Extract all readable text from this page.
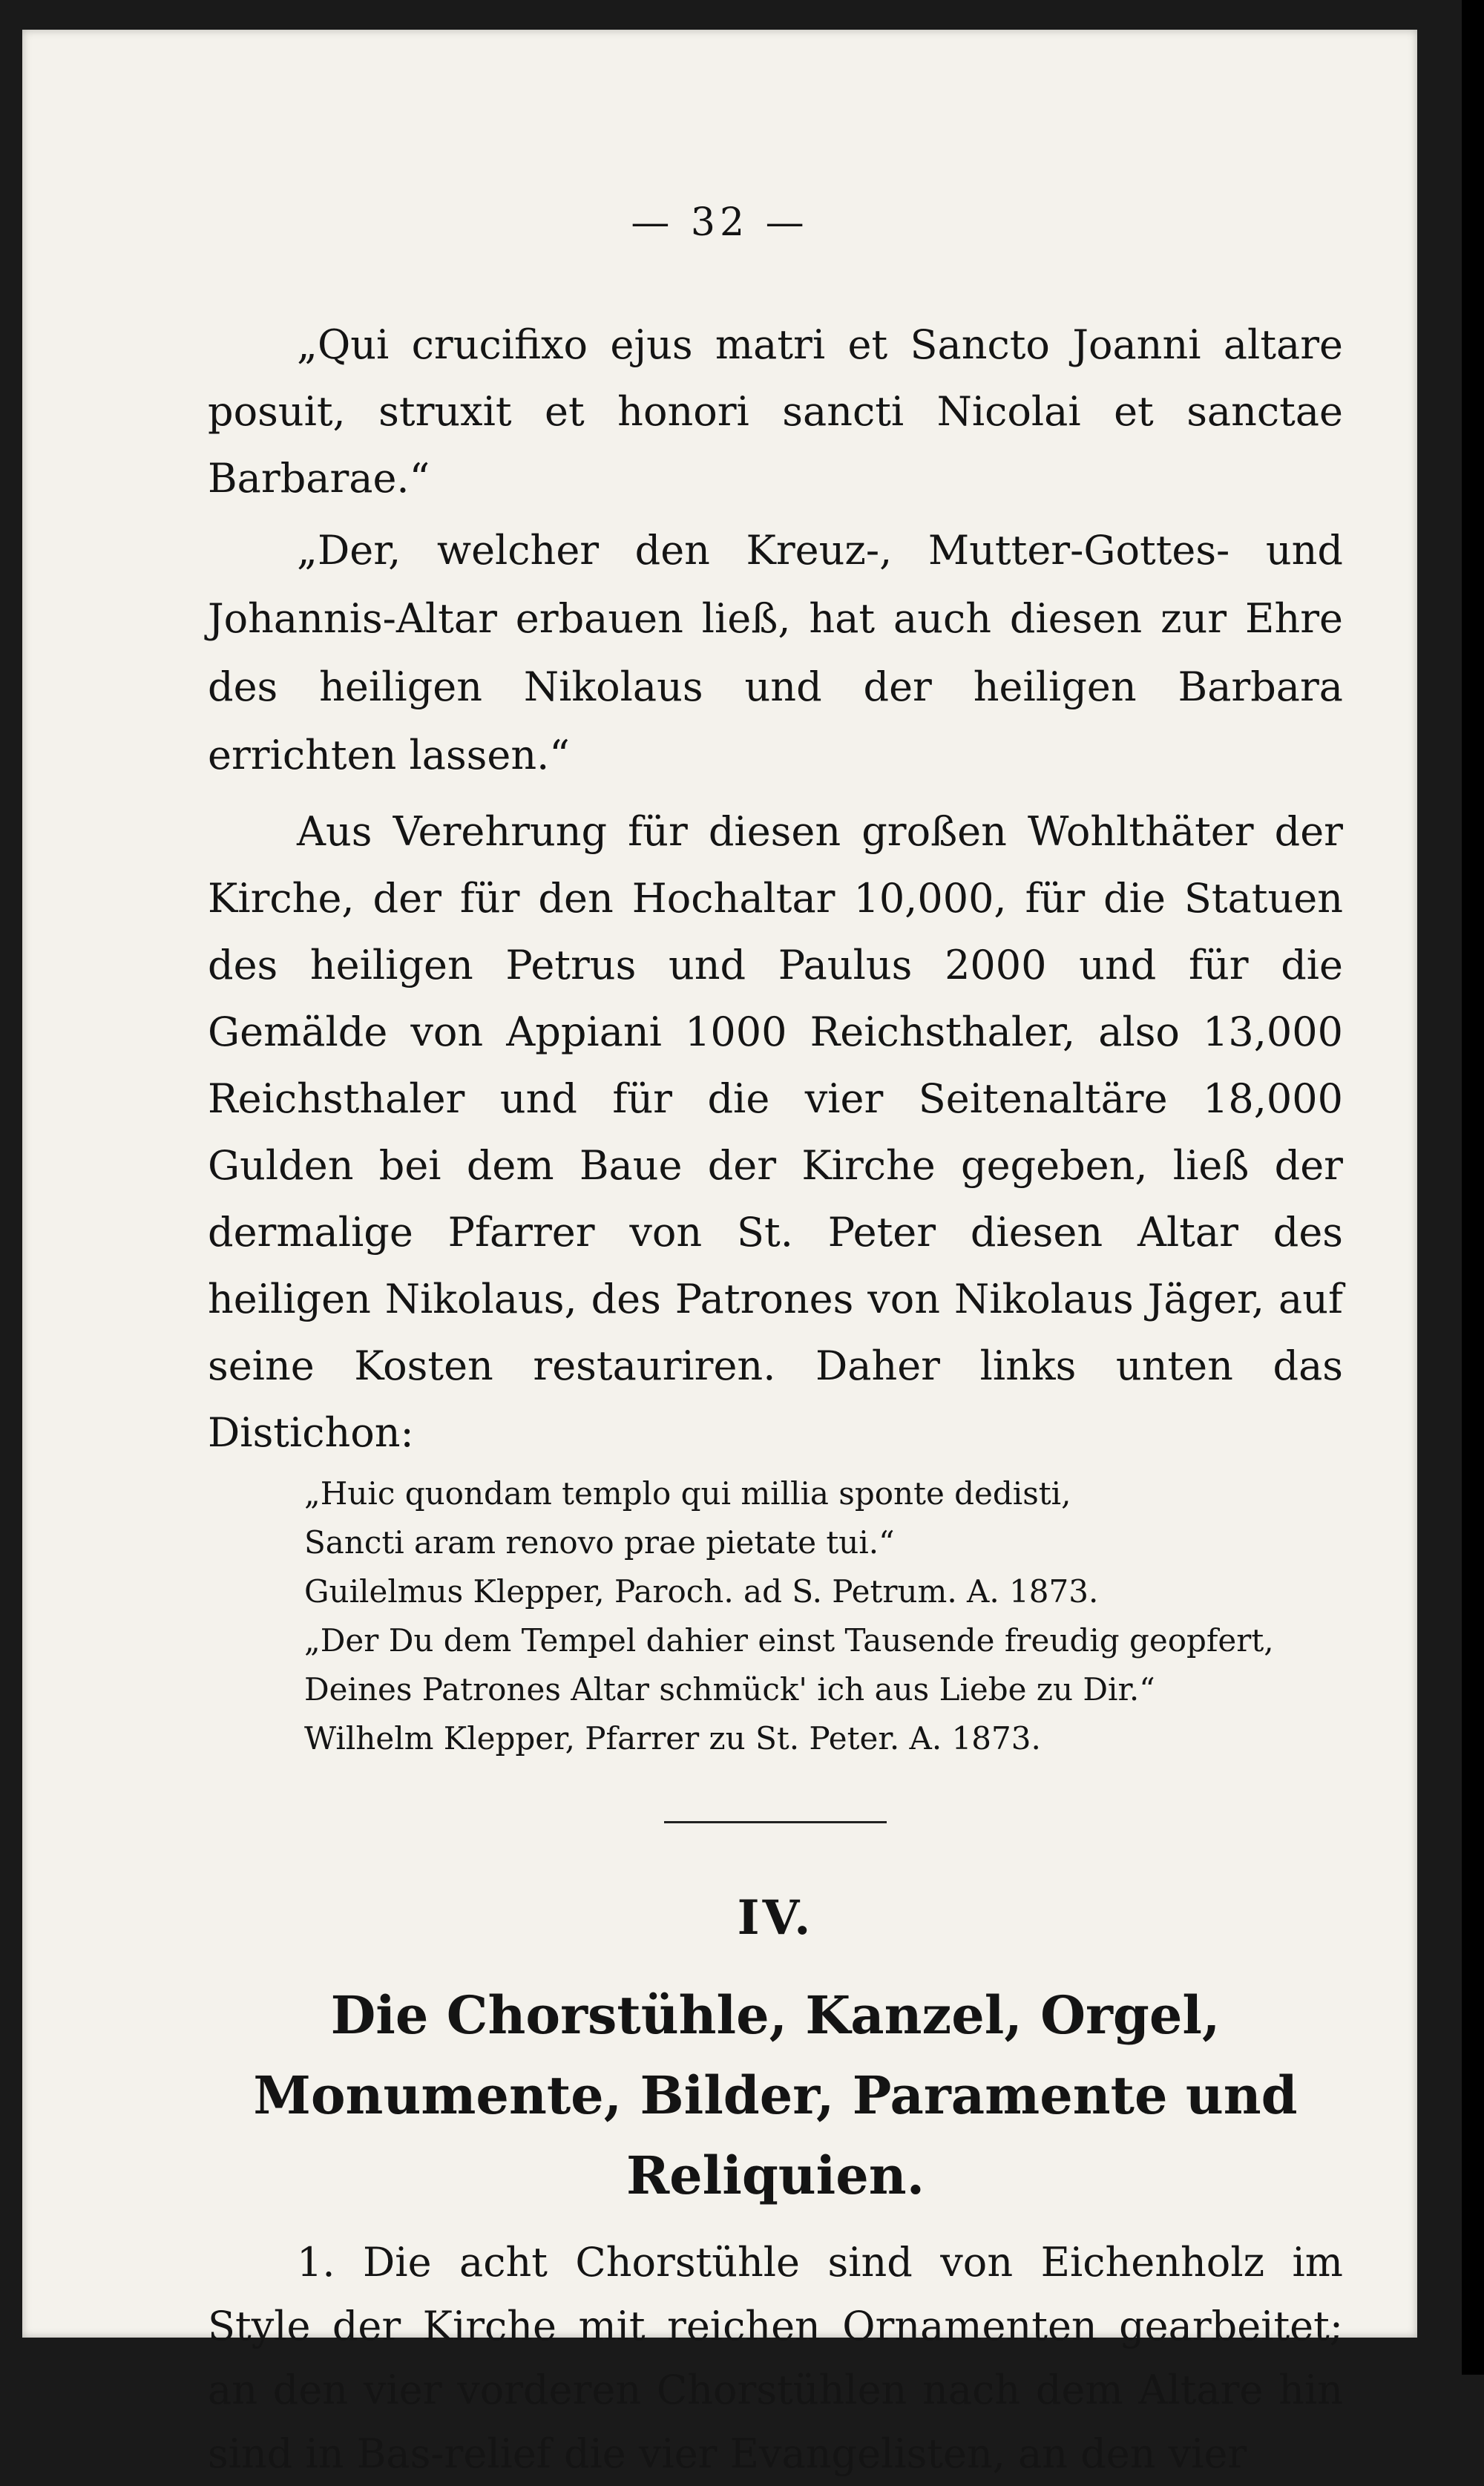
— 32 —

„Qui crucifixo ejus matri et Sancto Joanni altare posuit, struxit et honori sancti Nicolai et sanctae Barbarae.“

„Der, welcher den Kreuz-, Mutter-Gottes- und Johannis-Altar erbauen ließ, hat auch diesen zur Ehre des heiligen Nikolaus und der heiligen Barbara errichten lassen.“

Aus Verehrung für diesen großen Wohlthäter der Kirche, der für den Hochaltar 10,000, für die Statuen des heiligen Petrus und Paulus 2000 und für die Gemälde von Appiani 1000 Reichsthaler, also 13,000 Reichsthaler und für die vier Seitenaltäre 18,000 Gulden bei dem Baue der Kirche gegeben, ließ der dermalige Pfarrer von St. Peter diesen Altar des heiligen Nikolaus, des Patrones von Nikolaus Jäger, auf seine Kosten restauriren. Daher links unten das Distichon:

„Huic quondam templo qui millia sponte dedisti,
Sancti aram renovo prae pietate tui.“
Guilelmus Klepper, Paroch. ad S. Petrum. A. 1873.
„Der Du dem Tempel dahier einst Tausende freudig geopfert,
Deines Patrones Altar schmück' ich aus Liebe zu Dir.“
Wilhelm Klepper, Pfarrer zu St. Peter. A. 1873.
IV.
Die Chorstühle, Kanzel, Orgel, Monumente, Bilder, Paramente und Reliquien.

1. Die acht Chorstühle sind von Eichenholz im Style der Kirche mit reichen Ornamenten gearbeitet; an den vier vorderen Chorstühlen nach dem Altare hin sind in Bas-relief die vier Evangelisten, an den vier
